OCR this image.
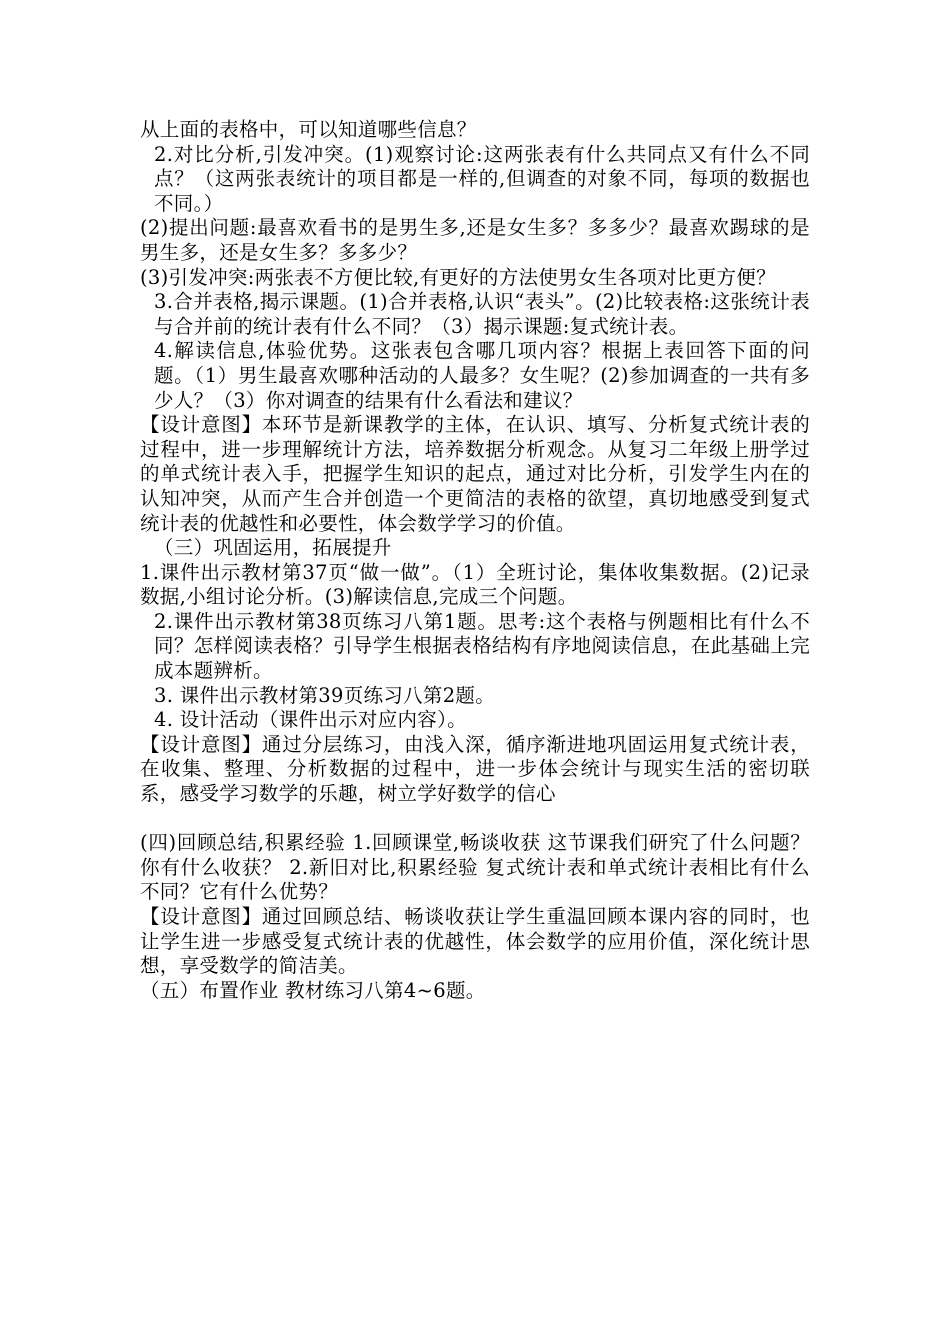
从上面的表格中，可以知道哪些信息？

2.对比分析,引发冲突。(1)观察讨论:这两张表有什么共同点又有什么不同点？（这两张表统计的项目都是一样的,但调查的对象不同，每项的数据也不同。）

(2)提出问题:最喜欢看书的是男生多,还是女生多？多多少？最喜欢踢球的是男生多，还是女生多？多多少？

(3)引发冲突:两张表不方便比较,有更好的方法使男女生各项对比更方便？

3.合并表格,揭示课题。(1)合并表格,认识“表头”。(2)比较表格:这张统计表与合并前的统计表有什么不同？（3）揭示课题:复式统计表。

4.解读信息,体验优势。这张表包含哪几项内容？根据上表回答下面的问题。（1）男生最喜欢哪种活动的人最多？女生呢？(2)参加调查的一共有多少人？（3）你对调查的结果有什么看法和建议？

【设计意图】本环节是新课教学的主体，在认识、填写、分析复式统计表的过程中，进一步理解统计方法，培养数据分析观念。从复习二年级上册学过的单式统计表入手，把握学生知识的起点，通过对比分析，引发学生内在的认知冲突，从而产生合并创造一个更简洁的表格的欲望，真切地感受到复式统计表的优越性和必要性，体会数学学习的价值。

（三）巩固运用，拓展提升

1.课件出示教材第37页“做一做”。（1）全班讨论，集体收集数据。(2)记录数据,小组讨论分析。(3)解读信息,完成三个问题。

2.课件出示教材第38页练习八第1题。思考:这个表格与例题相比有什么不同？怎样阅读表格？引导学生根据表格结构有序地阅读信息，在此基础上完成本题辨析。

3. 课件出示教材第39页练习八第2题。

4. 设计活动（课件出示对应内容）。

【设计意图】通过分层练习，由浅入深，循序渐进地巩固运用复式统计表，在收集、整理、分析数据的过程中，进一步体会统计与现实生活的密切联系，感受学习数学的乐趣，树立学好数学的信心

(四)回顾总结,积累经验 1.回顾课堂,畅谈收获 这节课我们研究了什么问题？你有什么收获？ 2.新旧对比,积累经验 复式统计表和单式统计表相比有什么不同？它有什么优势？

【设计意图】通过回顾总结、畅谈收获让学生重温回顾本课内容的同时，也让学生进一步感受复式统计表的优越性，体会数学的应用价值，深化统计思想，享受数学的简洁美。

（五）布置作业 教材练习八第4~6题。
